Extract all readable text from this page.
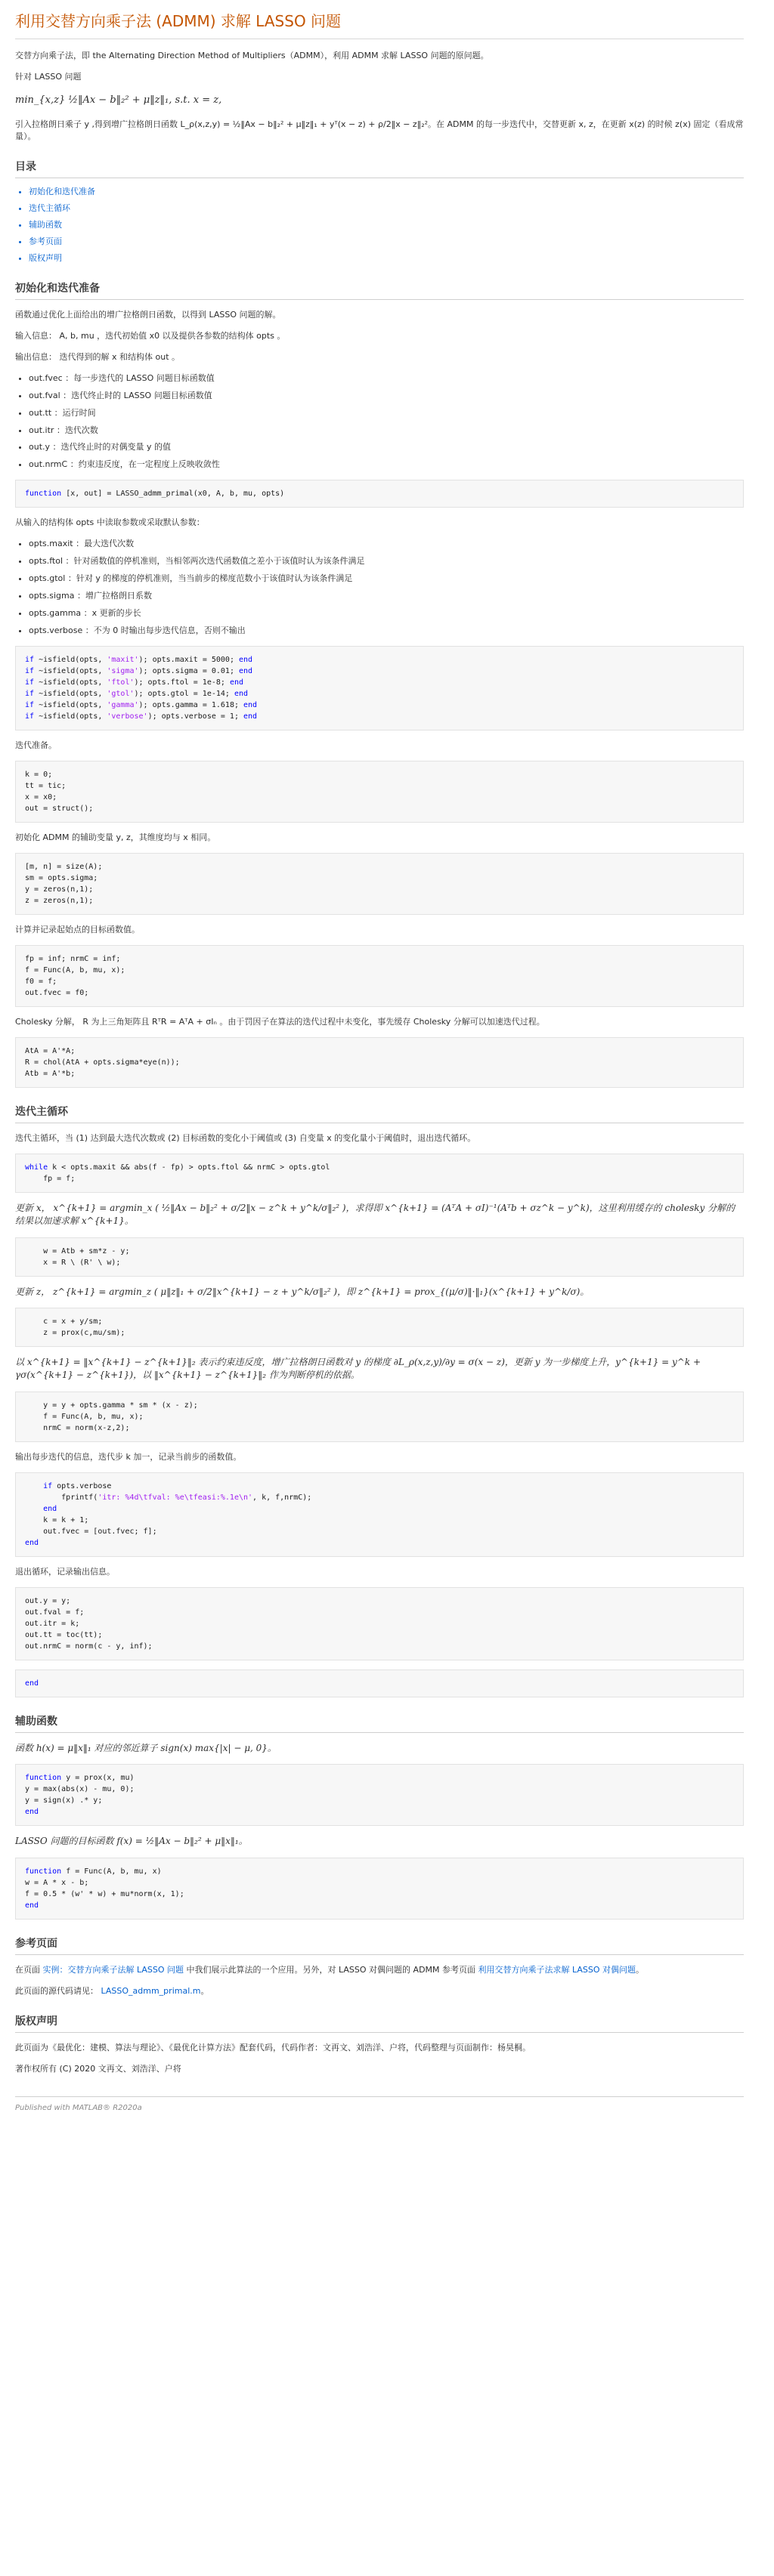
利用交替方向乘子法 (ADMM) 求解 LASSO 问题

交替方向乘子法，即 the Alternating Direction Method of Multipliers（ADMM），利用 ADMM 求解 LASSO 问题的原问题。

针对 LASSO 问题

min_{x,z} ½‖Ax − b‖₂² + μ‖z‖₁, s.t. x = z,

引入拉格朗日乘子 y ,得到增广拉格朗日函数 L_ρ(x,z,y) = ½‖Ax − b‖₂² + μ‖z‖₁ + yᵀ(x − z) + ρ/2‖x − z‖₂²。在 ADMM 的每一步迭代中，交替更新 x, z，在更新 x(z) 的时候 z(x) 固定（看成常量）。

目录
• 初始化和迭代准备
• 迭代主循环
• 辅助函数
• 参考页面
• 版权声明
初始化和迭代准备

函数通过优化上面给出的增广拉格朗日函数，以得到 LASSO 问题的解。

输入信息： A, b, mu ，迭代初始值 x0 以及提供各参数的结构体 opts 。

输出信息： 迭代得到的解 x 和结构体 out 。

• out.fvec ：每一步迭代的 LASSO 问题目标函数值
• out.fval ：迭代终止时的 LASSO 问题目标函数值
• out.tt ：运行时间
• out.itr ：迭代次数
• out.y ：迭代终止时的对偶变量 y 的值
• out.nrmC ：约束违反度，在一定程度上反映收敛性
function [x, out] = LASSO_admm_primal(x0, A, b, mu, opts)

从输入的结构体 opts 中读取参数或采取默认参数：

• opts.maxit ：最大迭代次数
• opts.ftol ：针对函数值的停机准则，当相邻两次迭代函数值之差小于该值时认为该条件满足
• opts.gtol ：针对 y 的梯度的停机准则，当当前步的梯度范数小于该值时认为该条件满足
• opts.sigma ：增广拉格朗日系数
• opts.gamma ：x 更新的步长
• opts.verbose ：不为 0 时输出每步迭代信息，否则不输出
if ~isfield(opts, 'maxit'); opts.maxit = 5000; end
if ~isfield(opts, 'sigma'); opts.sigma = 0.01; end
if ~isfield(opts, 'ftol'); opts.ftol = 1e-8; end
if ~isfield(opts, 'gtol'); opts.gtol = 1e-14; end
if ~isfield(opts, 'gamma'); opts.gamma = 1.618; end
if ~isfield(opts, 'verbose'); opts.verbose = 1; end

迭代准备。

k = 0;
tt = tic;
x = x0;
out = struct();

初始化 ADMM 的辅助变量 y, z，其维度均与 x 相同。

[m, n] = size(A);
sm = opts.sigma;
y = zeros(n,1);
z = zeros(n,1);

计算并记录起始点的目标函数值。

fp = inf; nrmC = inf;
f = Func(A, b, mu, x);
f0 = f;
out.fvec = f0;

Cholesky 分解， R 为上三角矩阵且 RᵀR = AᵀA + σIₙ 。由于罚因子在算法的迭代过程中未变化，事先缓存 Cholesky 分解可以加速迭代过程。

AtA = A'*A;
R = chol(AtA + opts.sigma*eye(n));
Atb = A'*b;
迭代主循环

迭代主循环，当 (1) 达到最大迭代次数或 (2) 目标函数的变化小于阈值或 (3) 自变量 x 的变化量小于阈值时，退出迭代循环。

while k < opts.maxit && abs(f - fp) > opts.ftol && nrmC > opts.gtol
fp = f;

更新 x， x^{k+1} = argmin_x ( ½‖Ax − b‖₂² + σ/2‖x − z^k + y^k/σ‖₂² )，求得即 x^{k+1} = (AᵀA + σI)⁻¹(Aᵀb + σz^k − y^k)，这里利用缓存的 cholesky 分解的结果以加速求解 x^{k+1}。

w = Atb + sm*z - y;
x = R \ (R' \ w);

更新 z， z^{k+1} = argmin_z ( μ‖z‖₁ + σ/2‖x^{k+1} − z + y^k/σ‖₂² )，即 z^{k+1} = prox_{(μ/σ)‖·‖₁}(x^{k+1} + y^k/σ)。

c = x + y/sm;
z = prox(c,mu/sm);

以 x^{k+1} = ‖x^{k+1} − z^{k+1}‖₂ 表示约束违反度，增广拉格朗日函数对 y 的梯度 ∂L_ρ(x,z,y)/∂y = σ(x − z)，更新 y 为一步梯度上升，y^{k+1} = y^k + γσ(x^{k+1} − z^{k+1})，以 ‖x^{k+1} − z^{k+1}‖₂ 作为判断停机的依据。

y = y + opts.gamma * sm * (x - z);
f = Func(A, b, mu, x);
nrmC = norm(x-z,2);

输出每步迭代的信息，迭代步 k 加一，记录当前步的函数值。

if opts.verbose
fprintf('itr: %4d\tfval: %e\tfeasi:%.1e\n', k, f,nrmC);
end
k = k + 1;
out.fvec = [out.fvec; f];
end

退出循环，记录输出信息。

out.y = y;
out.fval = f;
out.itr = k;
out.tt = toc(tt);
out.nrmC = norm(c - y, inf);
end
辅助函数

函数 h(x) = μ‖x‖₁ 对应的邻近算子 sign(x) max{|x| − μ, 0}。

function y = prox(x, mu)
y = max(abs(x) - mu, 0);
y = sign(x) .* y;
end

LASSO 问题的目标函数 f(x) = ½‖Ax − b‖₂² + μ‖x‖₁。

function f = Func(A, b, mu, x)
w = A * x - b;
f = 0.5 * (w' * w) + mu*norm(x, 1);
end
参考页面

在页面 实例：交替方向乘子法解 LASSO 问题 中我们展示此算法的一个应用。另外，对 LASSO 对偶问题的 ADMM 参考页面 利用交替方向乘子法求解 LASSO 对偶问题。

此页面的源代码请见： LASSO_admm_primal.m。

版权声明

此页面为《最优化：建模、算法与理论》、《最优化计算方法》配套代码，代码作者：文再文、刘浩洋、户将，代码整理与页面制作：杨昊桐。

著作权所有 (C) 2020 文再文、刘浩洋、户将

Published with MATLAB® R2020a
